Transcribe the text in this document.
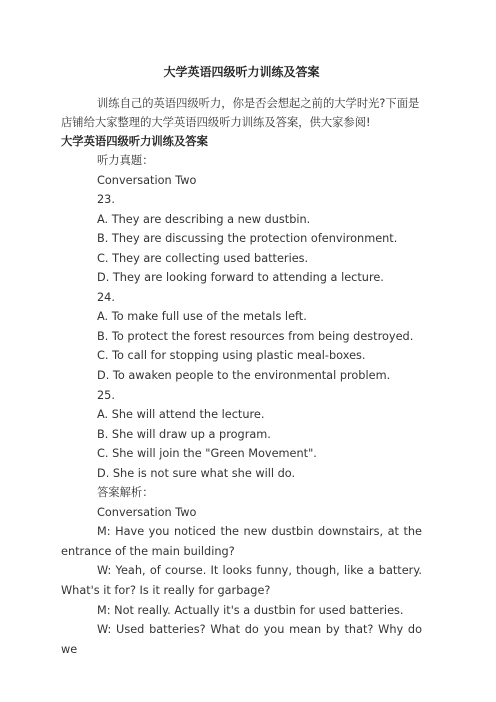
大学英语四级听力训练及答案

训练自己的英语四级听力，你是否会想起之前的大学时光?下面是店铺给大家整理的大学英语四级听力训练及答案，供大家参阅!

大学英语四级听力训练及答案

听力真题：

Conversation Two

23.

A. They are describing a new dustbin.

B. They are discussing the protection ofenvironment.

C. They are collecting used batteries.

D. They are looking forward to attending a lecture.

24.

A. To make full use of the metals left.

B. To protect the forest resources from being destroyed.

C. To call for stopping using plastic meal-boxes.

D. To awaken people to the environmental problem.

25.

A. She will attend the lecture.

B. She will draw up a program.

C. She will join the "Green Movement".

D. She is not sure what she will do.

答案解析：

Conversation Two

M: Have you noticed the new dustbin downstairs, at the entrance of the main building?

W: Yeah, of course. It looks funny, though, like a battery. What's it for? Is it really for garbage?

M: Not really. Actually it's a dustbin for used batteries.

W: Used batteries? What do you mean by that? Why do we
